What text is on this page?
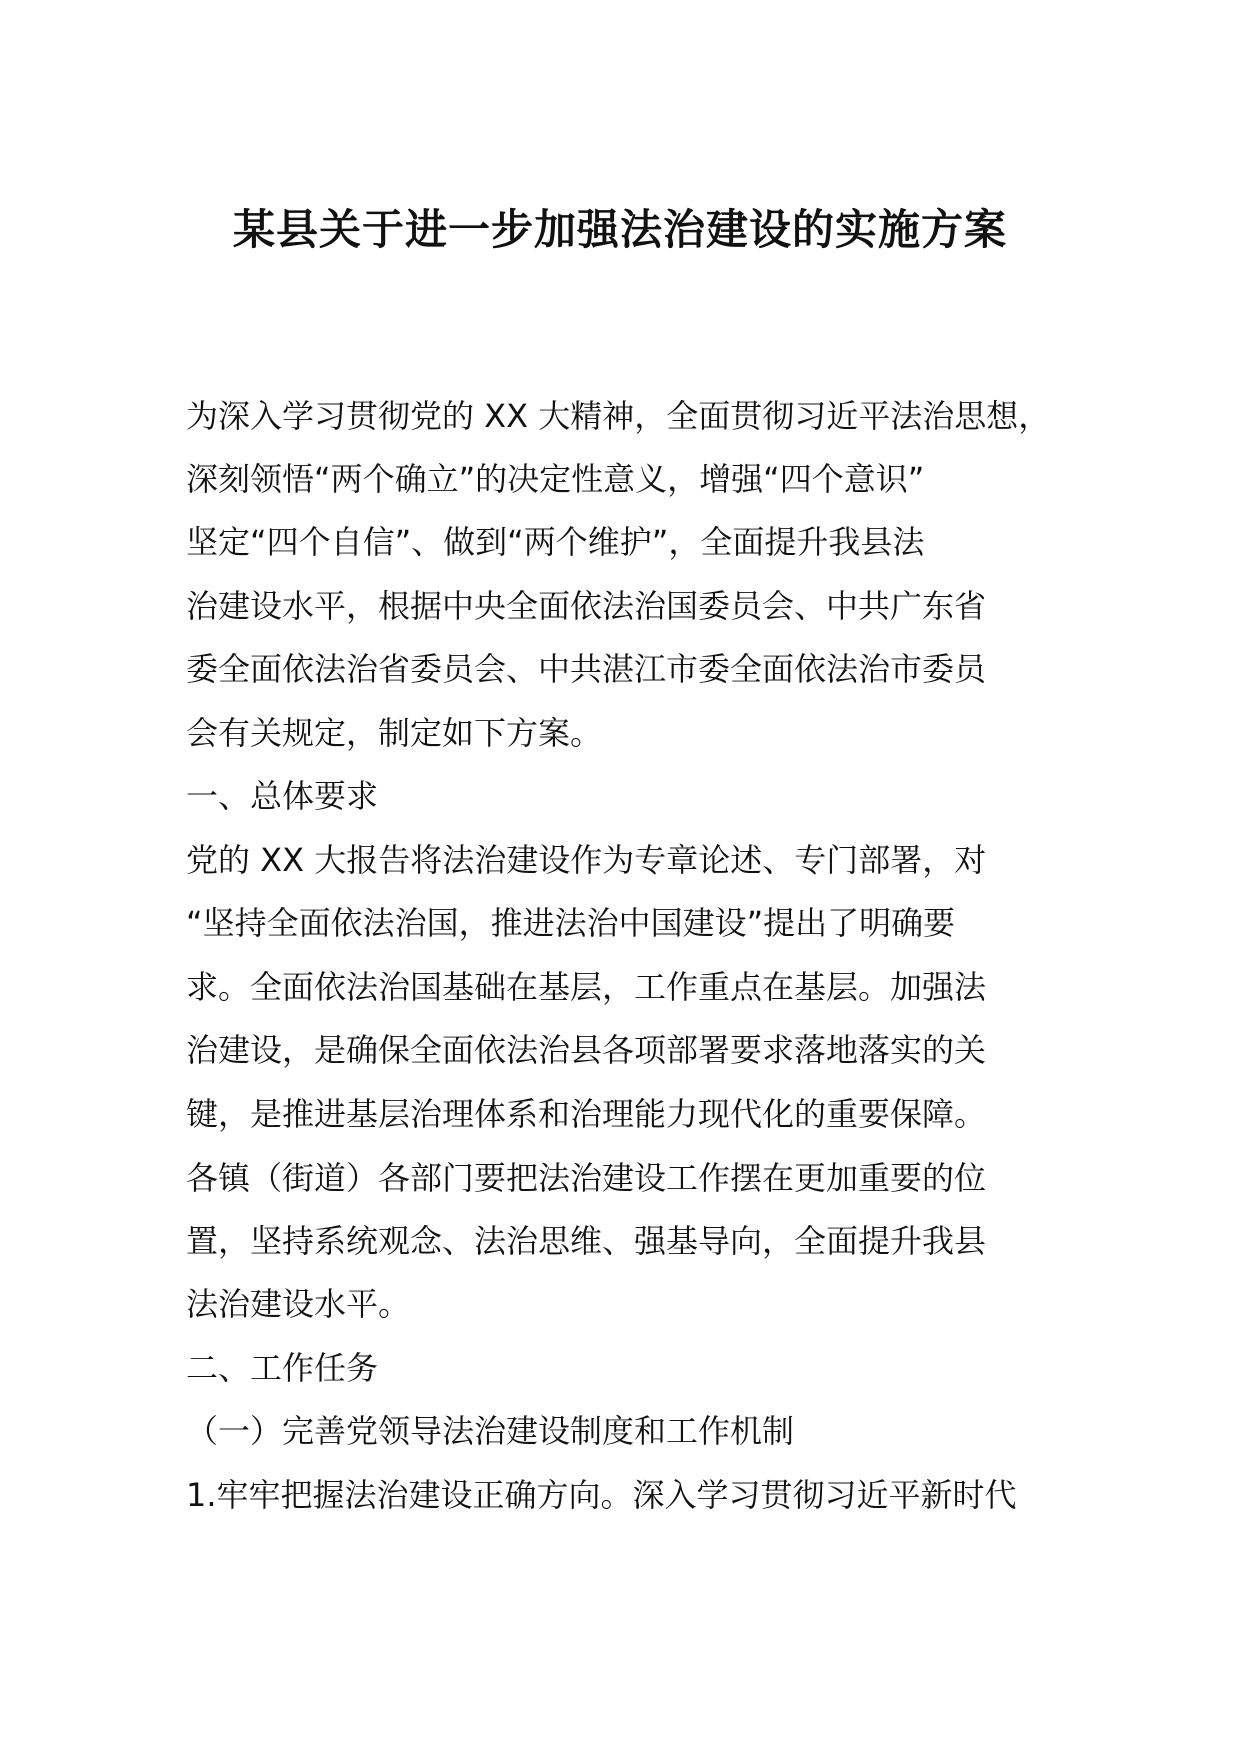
某县关于进一步加强法治建设的实施方案
为深入学习贯彻党的 XX 大精神，全面贯彻习近平法治思想，
深刻领悟“两个确立”的决定性意义，增强“四个意识”
坚定“四个自信”、做到“两个维护”，全面提升我县法
治建设水平，根据中央全面依法治国委员会、中共广东省
委全面依法治省委员会、中共湛江市委全面依法治市委员
会有关规定，制定如下方案。
一、总体要求
党的 XX 大报告将法治建设作为专章论述、专门部署，对
“坚持全面依法治国，推进法治中国建设”提出了明确要
求。全面依法治国基础在基层，工作重点在基层。加强法
治建设，是确保全面依法治县各项部署要求落地落实的关
键，是推进基层治理体系和治理能力现代化的重要保障。
各镇（街道）各部门要把法治建设工作摆在更加重要的位
置，坚持系统观念、法治思维、强基导向，全面提升我县
法治建设水平。
二、工作任务
（一）完善党领导法治建设制度和工作机制
1.牢牢把握法治建设正确方向。深入学习贯彻习近平新时代
